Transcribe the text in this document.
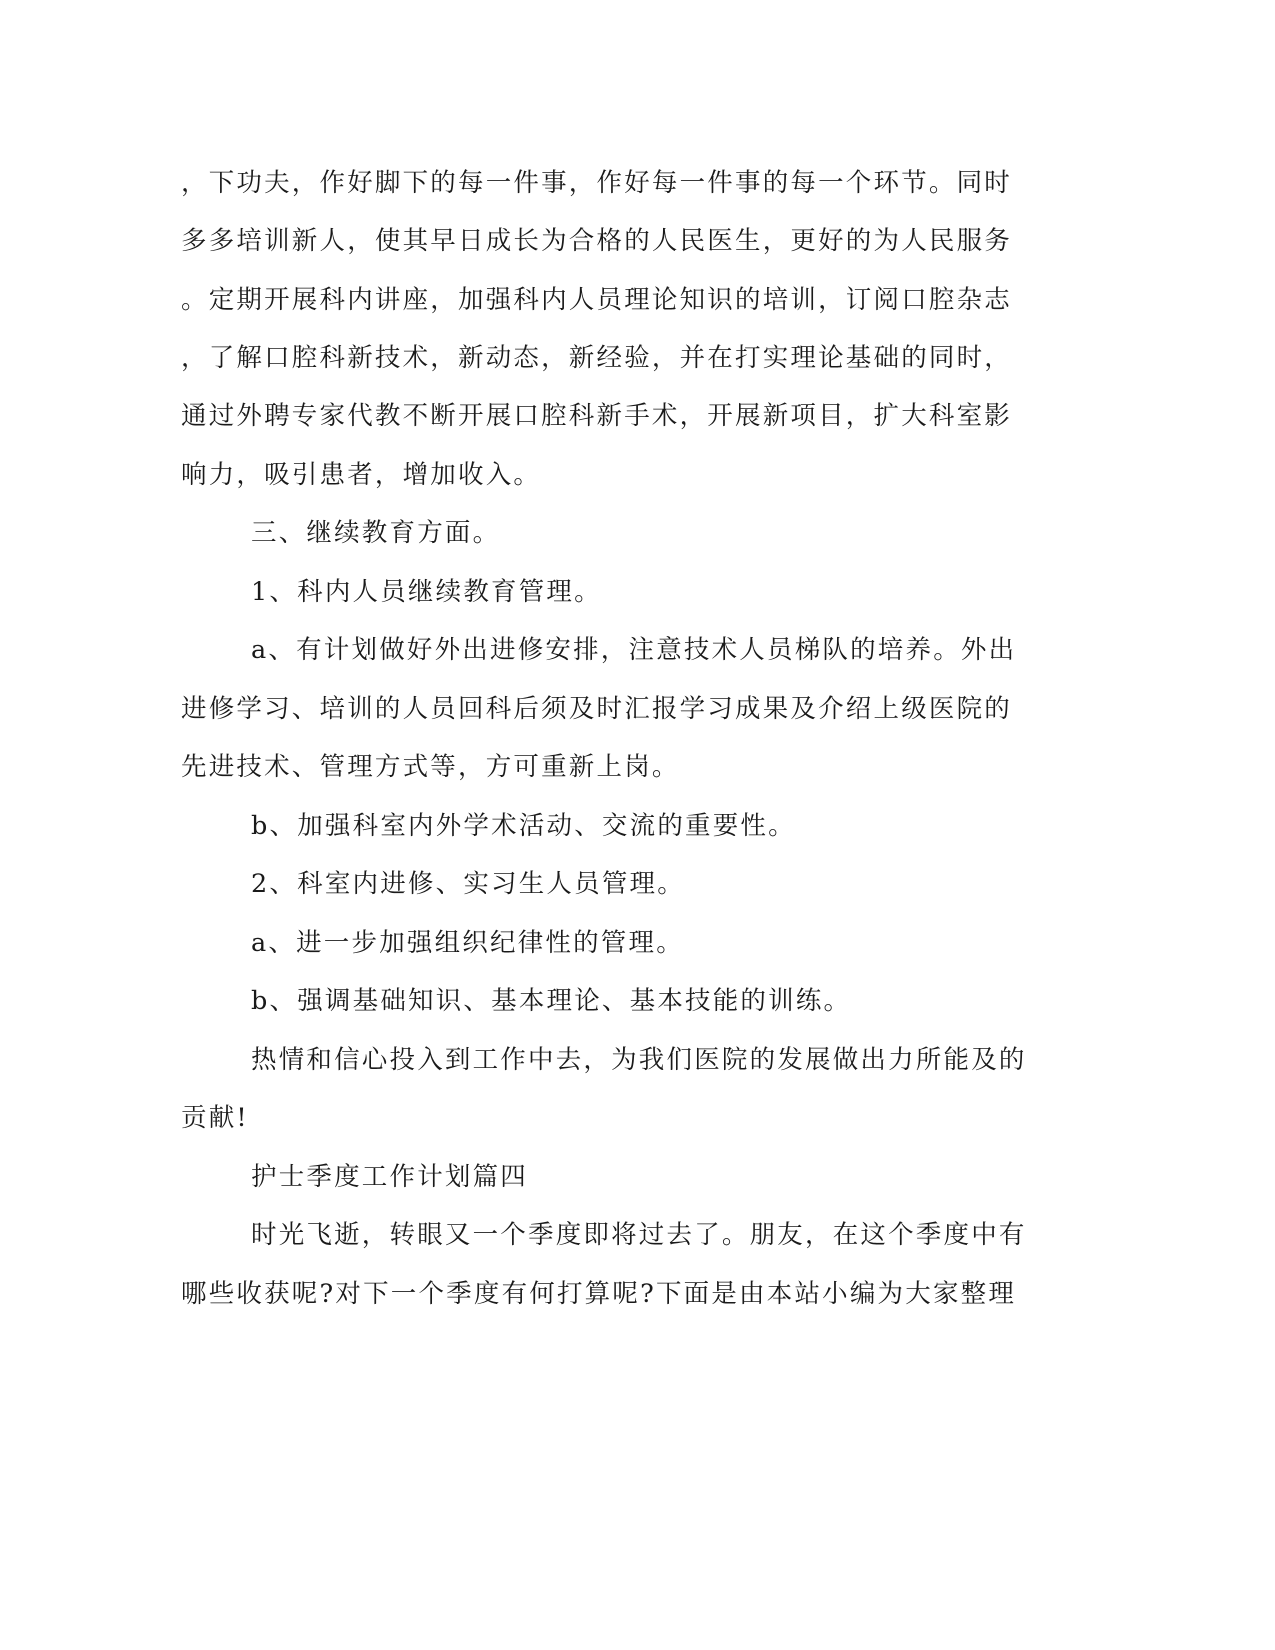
，下功夫，作好脚下的每一件事，作好每一件事的每一个环节。同时
多多培训新人，使其早日成长为合格的人民医生，更好的为人民服务
。定期开展科内讲座，加强科内人员理论知识的培训，订阅口腔杂志
，了解口腔科新技术，新动态，新经验，并在打实理论基础的同时，
通过外聘专家代教不断开展口腔科新手术，开展新项目，扩大科室影
响力，吸引患者，增加收入。
三、继续教育方面。
1、科内人员继续教育管理。
a、有计划做好外出进修安排，注意技术人员梯队的培养。外出
进修学习、培训的人员回科后须及时汇报学习成果及介绍上级医院的
先进技术、管理方式等，方可重新上岗。
b、加强科室内外学术活动、交流的重要性。
2、科室内进修、实习生人员管理。
a、进一步加强组织纪律性的管理。
b、强调基础知识、基本理论、基本技能的训练。
热情和信心投入到工作中去，为我们医院的发展做出力所能及的
贡献!
护士季度工作计划篇四
时光飞逝，转眼又一个季度即将过去了。朋友，在这个季度中有
哪些收获呢?对下一个季度有何打算呢?下面是由本站小编为大家整理
